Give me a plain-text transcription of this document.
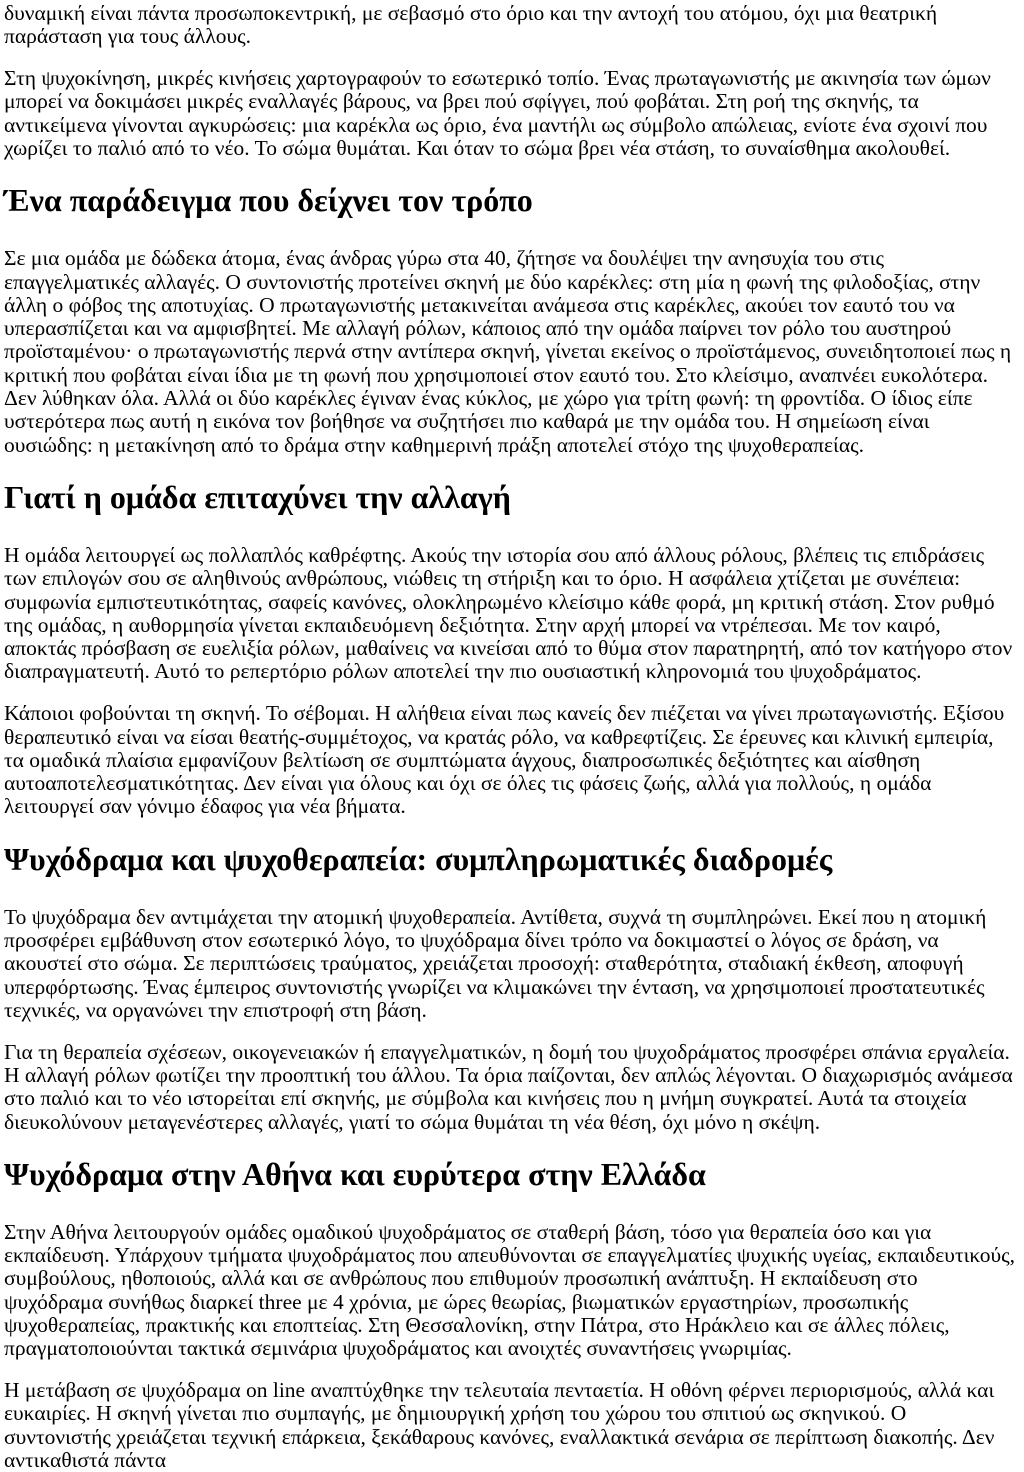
δυναμική είναι πάντα προσωποκεντρική, με σεβασμό στο όριο και την αντοχή του ατόμου, όχι μια θεατρική παράσταση για τους άλλους.

Στη ψυχοκίνηση, μικρές κινήσεις χαρτογραφούν το εσωτερικό τοπίο. Ένας πρωταγωνιστής με ακινησία των ώμων μπορεί να δοκιμάσει μικρές εναλλαγές βάρους, να βρει πού σφίγγει, πού φοβάται. Στη ροή της σκηνής, τα αντικείμενα γίνονται αγκυρώσεις: μια καρέκλα ως όριο, ένα μαντήλι ως σύμβολο απώλειας, ενίοτε ένα σχοινί που χωρίζει το παλιό από το νέο. Το σώμα θυμάται. Και όταν το σώμα βρει νέα στάση, το συναίσθημα ακολουθεί.

Ένα παράδειγμα που δείχνει τον τρόπο

Σε μια ομάδα με δώδεκα άτομα, ένας άνδρας γύρω στα 40, ζήτησε να δουλέψει την ανησυχία του στις επαγγελματικές αλλαγές. Ο συντονιστής προτείνει σκηνή με δύο καρέκλες: στη μία η φωνή της φιλοδοξίας, στην άλλη ο φόβος της αποτυχίας. Ο πρωταγωνιστής μετακινείται ανάμεσα στις καρέκλες, ακούει τον εαυτό του να υπερασπίζεται και να αμφισβητεί. Με αλλαγή ρόλων, κάποιος από την ομάδα παίρνει τον ρόλο του αυστηρού προϊσταμένου· ο πρωταγωνιστής περνά στην αντίπερα σκηνή, γίνεται εκείνος ο προϊστάμενος, συνειδητοποιεί πως η κριτική που φοβάται είναι ίδια με τη φωνή που χρησιμοποιεί στον εαυτό του. Στο κλείσιμο, αναπνέει ευκολότερα. Δεν λύθηκαν όλα. Αλλά οι δύο καρέκλες έγιναν ένας κύκλος, με χώρο για τρίτη φωνή: τη φροντίδα. Ο ίδιος είπε υστερότερα πως αυτή η εικόνα τον βοήθησε να συζητήσει πιο καθαρά με την ομάδα του. Η σημείωση είναι ουσιώδης: η μετακίνηση από το δράμα στην καθημερινή πράξη αποτελεί στόχο της ψυχοθεραπείας.

Γιατί η ομάδα επιταχύνει την αλλαγή

Η ομάδα λειτουργεί ως πολλαπλός καθρέφτης. Ακούς την ιστορία σου από άλλους ρόλους, βλέπεις τις επιδράσεις των επιλογών σου σε αληθινούς ανθρώπους, νιώθεις τη στήριξη και το όριο. Η ασφάλεια χτίζεται με συνέπεια: συμφωνία εμπιστευτικότητας, σαφείς κανόνες, ολοκληρωμένο κλείσιμο κάθε φορά, μη κριτική στάση. Στον ρυθμό της ομάδας, η αυθορμησία γίνεται εκπαιδευόμενη δεξιότητα. Στην αρχή μπορεί να ντρέπεσαι. Με τον καιρό, αποκτάς πρόσβαση σε ευελιξία ρόλων, μαθαίνεις να κινείσαι από το θύμα στον παρατηρητή, από τον κατήγορο στον διαπραγματευτή. Αυτό το ρεπερτόριο ρόλων αποτελεί την πιο ουσιαστική κληρονομιά του ψυχοδράματος.

Κάποιοι φοβούνται τη σκηνή. Το σέβομαι. Η αλήθεια είναι πως κανείς δεν πιέζεται να γίνει πρωταγωνιστής. Εξίσου θεραπευτικό είναι να είσαι θεατής-συμμέτοχος, να κρατάς ρόλο, να καθρεφτίζεις. Σε έρευνες και κλινική εμπειρία, τα ομαδικά πλαίσια εμφανίζουν βελτίωση σε συμπτώματα άγχους, διαπροσωπικές δεξιότητες και αίσθηση αυτοαποτελεσματικότητας. Δεν είναι για όλους και όχι σε όλες τις φάσεις ζωής, αλλά για πολλούς, η ομάδα λειτουργεί σαν γόνιμο έδαφος για νέα βήματα.

Ψυχόδραμα και ψυχοθεραπεία: συμπληρωματικές διαδρομές

Το ψυχόδραμα δεν αντιμάχεται την ατομική ψυχοθεραπεία. Αντίθετα, συχνά τη συμπληρώνει. Εκεί που η ατομική προσφέρει εμβάθυνση στον εσωτερικό λόγο, το ψυχόδραμα δίνει τρόπο να δοκιμαστεί ο λόγος σε δράση, να ακουστεί στο σώμα. Σε περιπτώσεις τραύματος, χρειάζεται προσοχή: σταθερότητα, σταδιακή έκθεση, αποφυγή υπερφόρτωσης. Ένας έμπειρος συντονιστής γνωρίζει να κλιμακώνει την ένταση, να χρησιμοποιεί προστατευτικές τεχνικές, να οργανώνει την επιστροφή στη βάση.

Για τη θεραπεία σχέσεων, οικογενειακών ή επαγγελματικών, η δομή του ψυχοδράματος προσφέρει σπάνια εργαλεία. Η αλλαγή ρόλων φωτίζει την προοπτική του άλλου. Τα όρια παίζονται, δεν απλώς λέγονται. Ο διαχωρισμός ανάμεσα στο παλιό και το νέο ιστορείται επί σκηνής, με σύμβολα και κινήσεις που η μνήμη συγκρατεί. Αυτά τα στοιχεία διευκολύνουν μεταγενέστερες αλλαγές, γιατί το σώμα θυμάται τη νέα θέση, όχι μόνο η σκέψη.

Ψυχόδραμα στην Αθήνα και ευρύτερα στην Ελλάδα

Στην Αθήνα λειτουργούν ομάδες ομαδικού ψυχοδράματος σε σταθερή βάση, τόσο για θεραπεία όσο και για εκπαίδευση. Υπάρχουν τμήματα ψυχοδράματος που απευθύνονται σε επαγγελματίες ψυχικής υγείας, εκπαιδευτικούς, συμβούλους, ηθοποιούς, αλλά και σε ανθρώπους που επιθυμούν προσωπική ανάπτυξη. Η εκπαίδευση στο ψυχόδραμα συνήθως διαρκεί three με 4 χρόνια, με ώρες θεωρίας, βιωματικών εργαστηρίων, προσωπικής ψυχοθεραπείας, πρακτικής και εποπτείας. Στη Θεσσαλονίκη, στην Πάτρα, στο Ηράκλειο και σε άλλες πόλεις, πραγματοποιούνται τακτικά σεμινάρια ψυχοδράματος και ανοιχτές συναντήσεις γνωριμίας.

Η μετάβαση σε ψυχόδραμα on line αναπτύχθηκε την τελευταία πενταετία. Η οθόνη φέρνει περιορισμούς, αλλά και ευκαιρίες. Η σκηνή γίνεται πιο συμπαγής, με δημιουργική χρήση του χώρου του σπιτιού ως σκηνικού. Ο συντονιστής χρειάζεται τεχνική επάρκεια, ξεκάθαρους κανόνες, εναλλακτικά σενάρια σε περίπτωση διακοπής. Δεν αντικαθιστά πάντα
